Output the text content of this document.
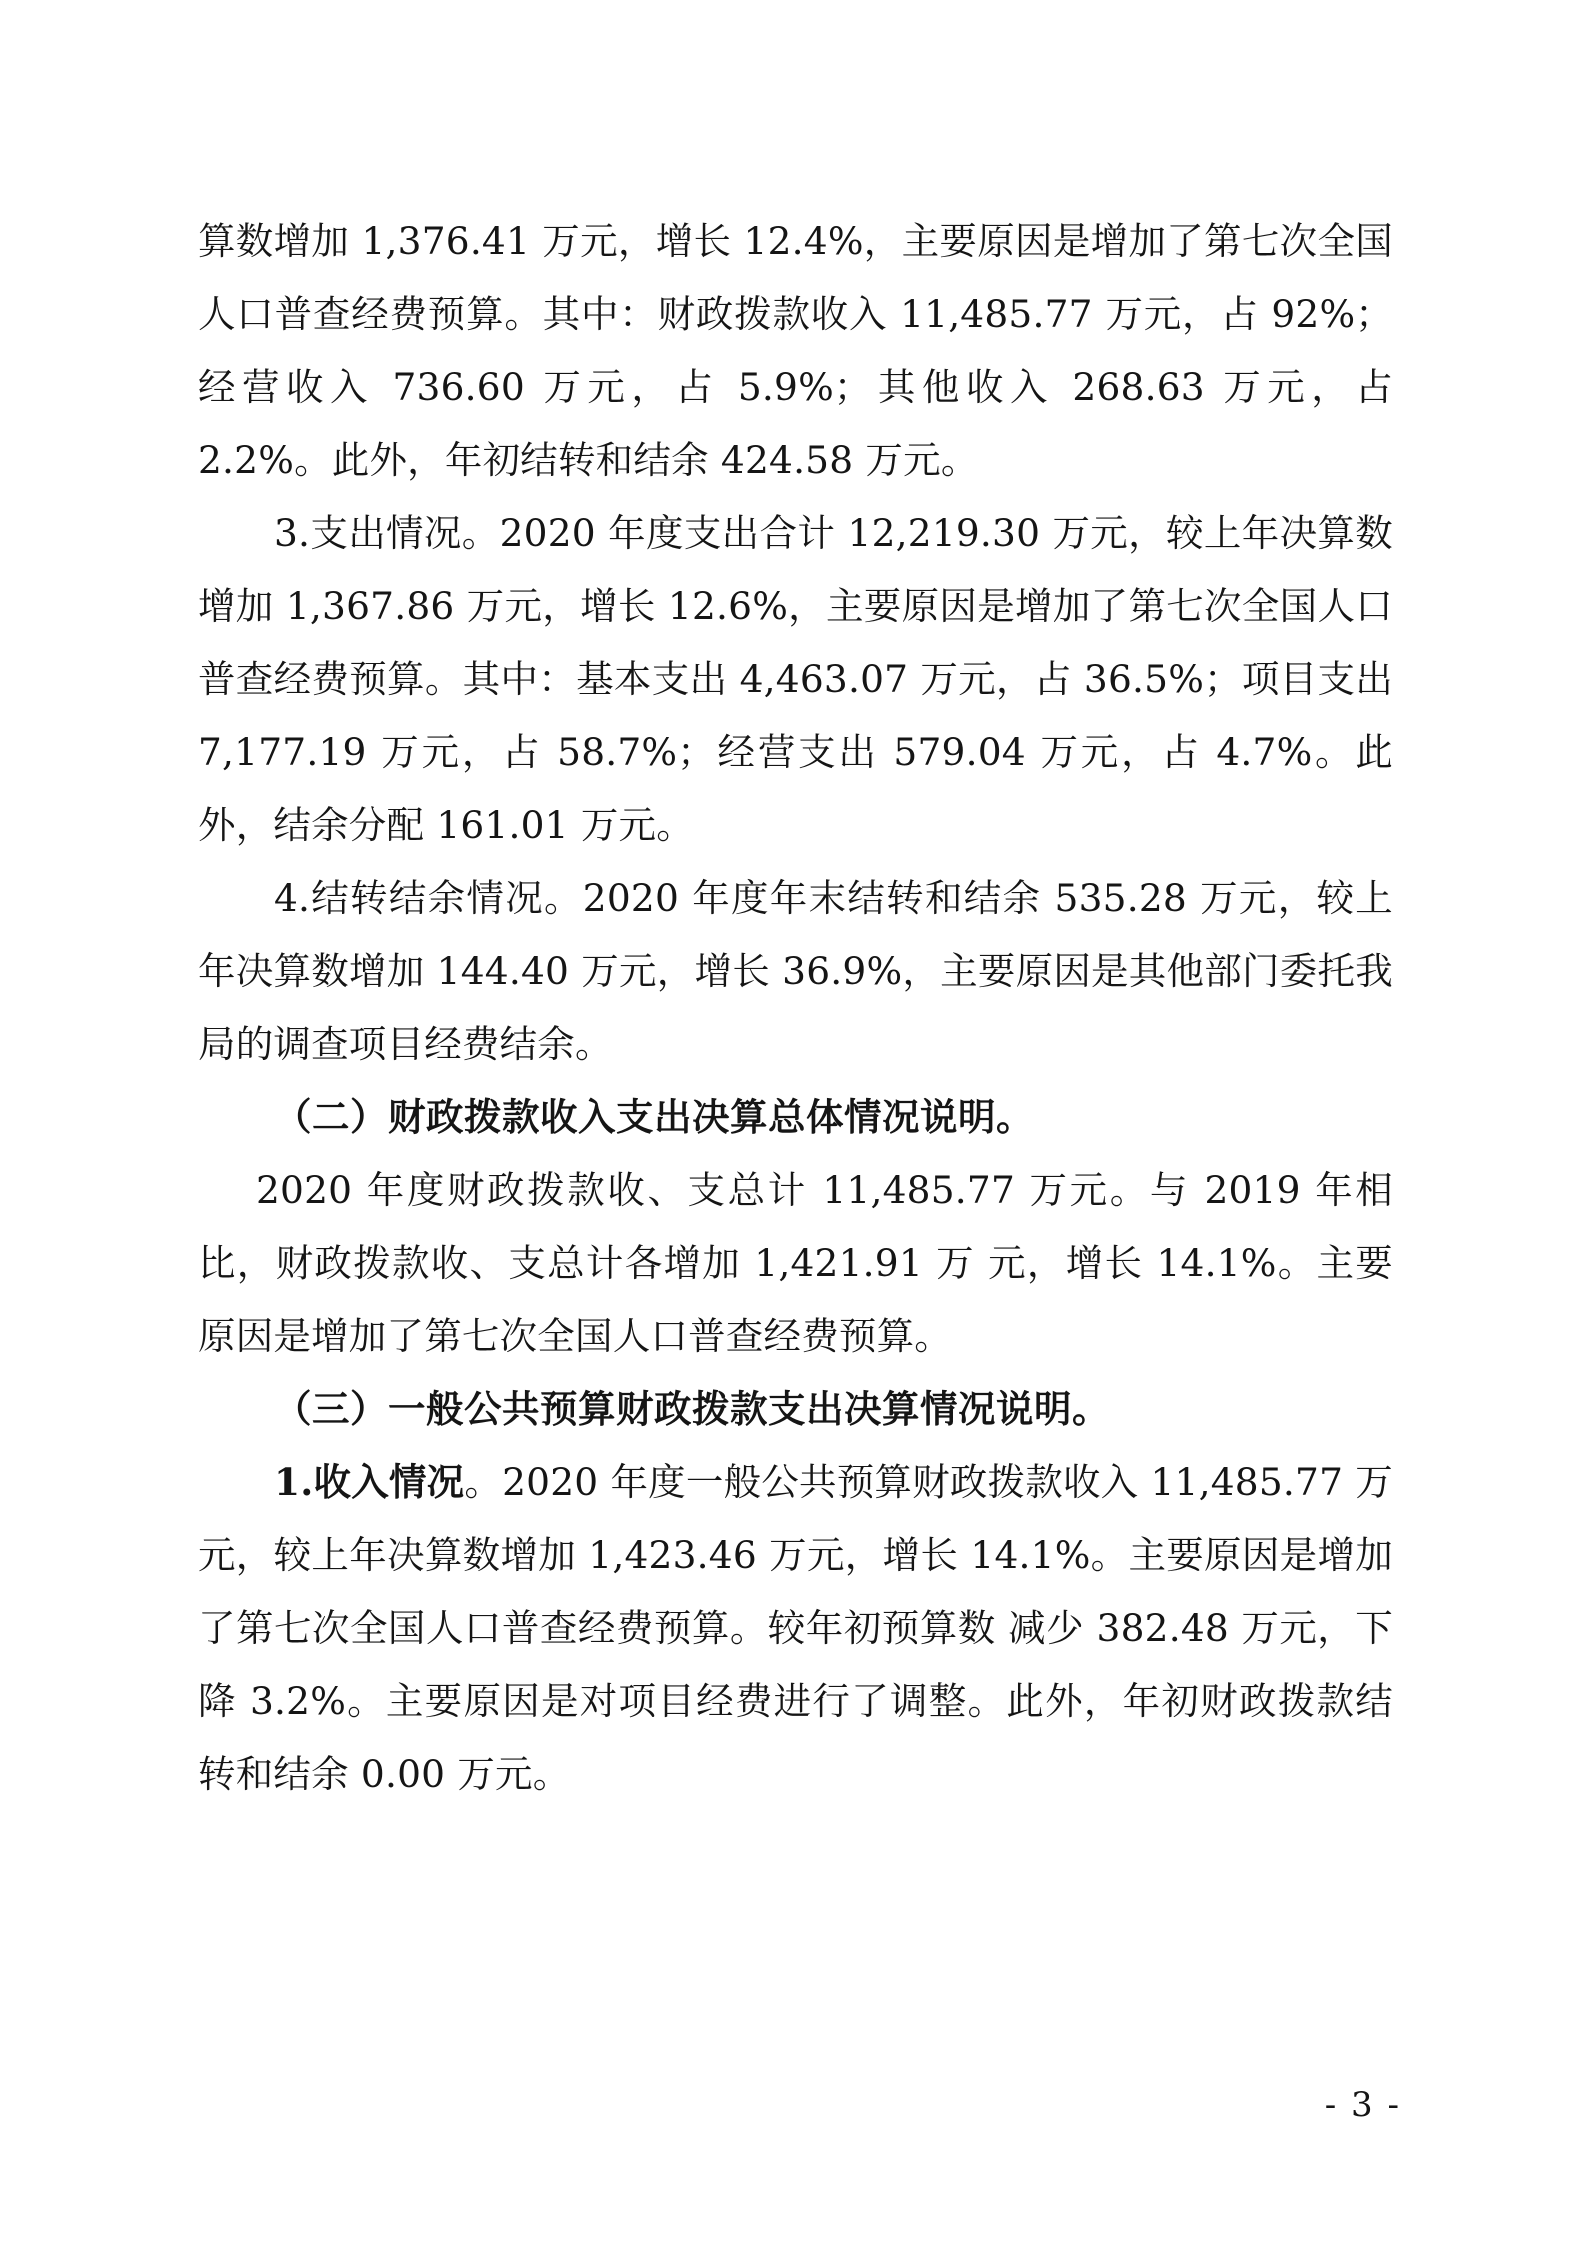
算数增加 1,376.41 万元，增长 12.4%，主要原因是增加了第七次全国人口普查经费预算。其中：财政拨款收入 11,485.77 万元，占 92%；经营收入 736.60 万元，占 5.9%；其他收入 268.63 万元，占 2.2%。此外，年初结转和结余 424.58 万元。

3.支出情况。2020 年度支出合计 12,219.30 万元，较上年决算数增加 1,367.86 万元，增长 12.6%，主要原因是增加了第七次全国人口普查经费预算。其中：基本支出 4,463.07 万元，占 36.5%；项目支出 7,177.19 万元，占 58.7%；经营支出 579.04 万元，占 4.7%。此外，结余分配 161.01 万元。

4.结转结余情况。2020 年度年末结转和结余 535.28 万元，较上年决算数增加 144.40 万元，增长 36.9%，主要原因是其他部门委托我局的调查项目经费结余。

（二）财政拨款收入支出决算总体情况说明。

2020 年度财政拨款收、支总计 11,485.77 万元。与 2019 年相比，财政拨款收、支总计各增加 1,421.91 万 元，增长 14.1%。主要原因是增加了第七次全国人口普查经费预算。

（三）一般公共预算财政拨款支出决算情况说明。

1.收入情况。2020 年度一般公共预算财政拨款收入 11,485.77 万元，较上年决算数增加 1,423.46 万元，增长 14.1%。主要原因是增加了第七次全国人口普查经费预算。较年初预算数 减少 382.48 万元，下降 3.2%。主要原因是对项目经费进行了调整。此外，年初财政拨款结转和结余 0.00 万元。

- 3 -
